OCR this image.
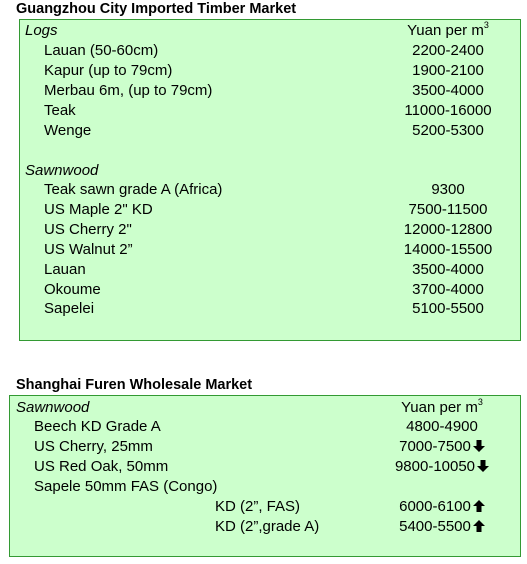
Guangzhou City Imported Timber Market
Logs	Yuan per $m^3$
Lauan (50-60cm)	2200-2400
Kapur (up to 79cm)	1900-2100
Merbau 6m, (up to 79cm)	3500-4000
Teak	11000-16000
Wenge	5200-5300
Sawnwood
Teak sawn grade A (Africa)	9300
US Maple 2" KD	7500-11500
US Cherry 2"	12000-12800
US Walnut 2”	14000-15500
Lauan	3500-4000
Okoume	3700-4000
Sapelei	5100-5500
Shanghai Furen Wholesale Market
Sawnwood	Yuan per $m^3$
Beech KD Grade A	4800-4900
US Cherry, 25mm	7000-7500
US Red Oak, 50mm	9800-10050
Sapele 50mm FAS (Congo)
KD (2”, FAS)	6000-6100
KD (2”,grade A)	5400-5500
